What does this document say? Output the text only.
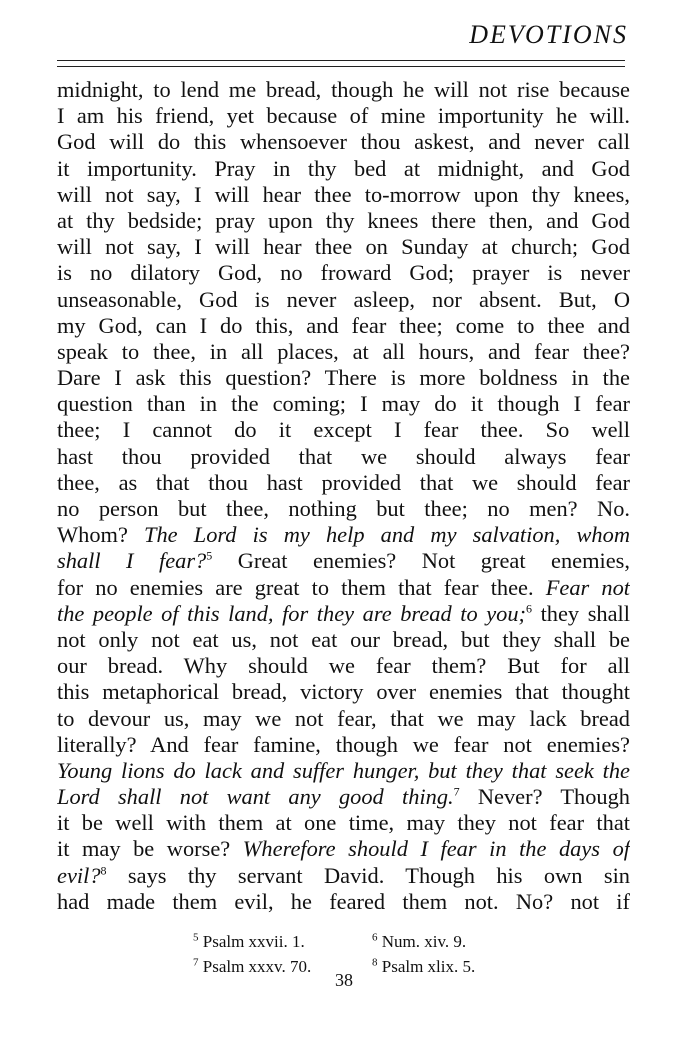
DEVOTIONS
midnight, to lend me bread, though he will not rise because
I am his friend, yet because of mine importunity he will.
God will do this whensoever thou askest, and never call
it importunity. Pray in thy bed at midnight, and God
will not say, I will hear thee to-morrow upon thy knees,
at thy bedside; pray upon thy knees there then, and God
will not say, I will hear thee on Sunday at church; God
is no dilatory God, no froward God; prayer is never
unseasonable, God is never asleep, nor absent. But, O
my God, can I do this, and fear thee; come to thee and
speak to thee, in all places, at all hours, and fear thee?
Dare I ask this question? There is more boldness in the
question than in the coming; I may do it though I fear
thee; I cannot do it except I fear thee. So well
hast thou provided that we should always fear
thee, as that thou hast provided that we should fear
no person but thee, nothing but thee; no men? No.
Whom? The Lord is my help and my salvation, whom
shall I fear?$^5$ Great enemies? Not great enemies,
for no enemies are great to them that fear thee. Fear not
the people of this land, for they are bread to you;$^6$ they shall
not only not eat us, not eat our bread, but they shall be
our bread. Why should we fear them? But for all
this metaphorical bread, victory over enemies that thought
to devour us, may we not fear, that we may lack bread
literally? And fear famine, though we fear not enemies?
Young lions do lack and suffer hunger, but they that seek the
Lord shall not want any good thing.$^7$ Never? Though
it be well with them at one time, may they not fear that
it may be worse? Wherefore should I fear in the days of
evil?$^8$ says thy servant David. Though his own sin
had made them evil, he feared them not. No? not if
$^5$ Psalm xxvii. 1.	$^6$ Num. xiv. 9.
$^7$ Psalm xxxv. 70.	$^8$ Psalm xlix. 5.
38
